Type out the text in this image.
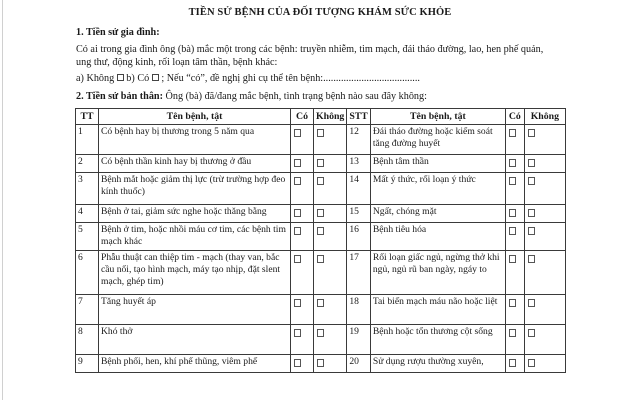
TIỀN SỬ BỆNH CỦA ĐỐI TƯỢNG KHÁM SỨC KHỎE
1. Tiền sử gia đình:
Có ai trong gia đình ông (bà) mắc một trong các bệnh: truyền nhiễm, tim mạch, đái tháo đường, lao, hen phế quản,
ung thư, động kinh, rối loạn tâm thần, bệnh khác:
a) Không b) Có ; Nếu “có”, đề nghị ghi cụ thể tên bệnh:......................................
2. Tiền sử bản thân: Ông (bà) đã/đang mắc bệnh, tình trạng bệnh nào sau đây không:
TT	Tên bệnh, tật	Có	Không	STT	Tên bệnh, tật	Có	Không
1	Có bệnh hay bị thương trong 5 năm qua			12	Đái tháo đường hoặc kiểm soát tăng đường huyết		
2	Có bệnh thần kinh hay bị thương ở đầu			13	Bệnh tâm thần		
3	Bệnh mắt hoặc giảm thị lực (trừ trường hợp đeo kính thuốc)			14	Mất ý thức, rối loạn ý thức		
4	Bệnh ở tai, giảm sức nghe hoặc thăng bằng			15	Ngất, chóng mặt		
5	Bệnh ở tim, hoặc nhồi máu cơ tim, các bệnh tim mạch khác			16	Bệnh tiêu hóa		
6	Phẫu thuật can thiệp tim - mạch (thay van, bắc cầu nối, tạo hình mạch, máy tạo nhịp, đặt slent mạch, ghép tim)			17	Rối loạn giấc ngủ, ngừng thở khi ngủ, ngủ rũ ban ngày, ngáy to		
7	Tăng huyết áp			18	Tai biến mạch máu não hoặc liệt		
8	Khó thở			19	Bệnh hoặc tổn thương cột sống		
9	Bệnh phổi, hen, khí phế thũng, viêm phế			20	Sử dụng rượu thường xuyên,		
